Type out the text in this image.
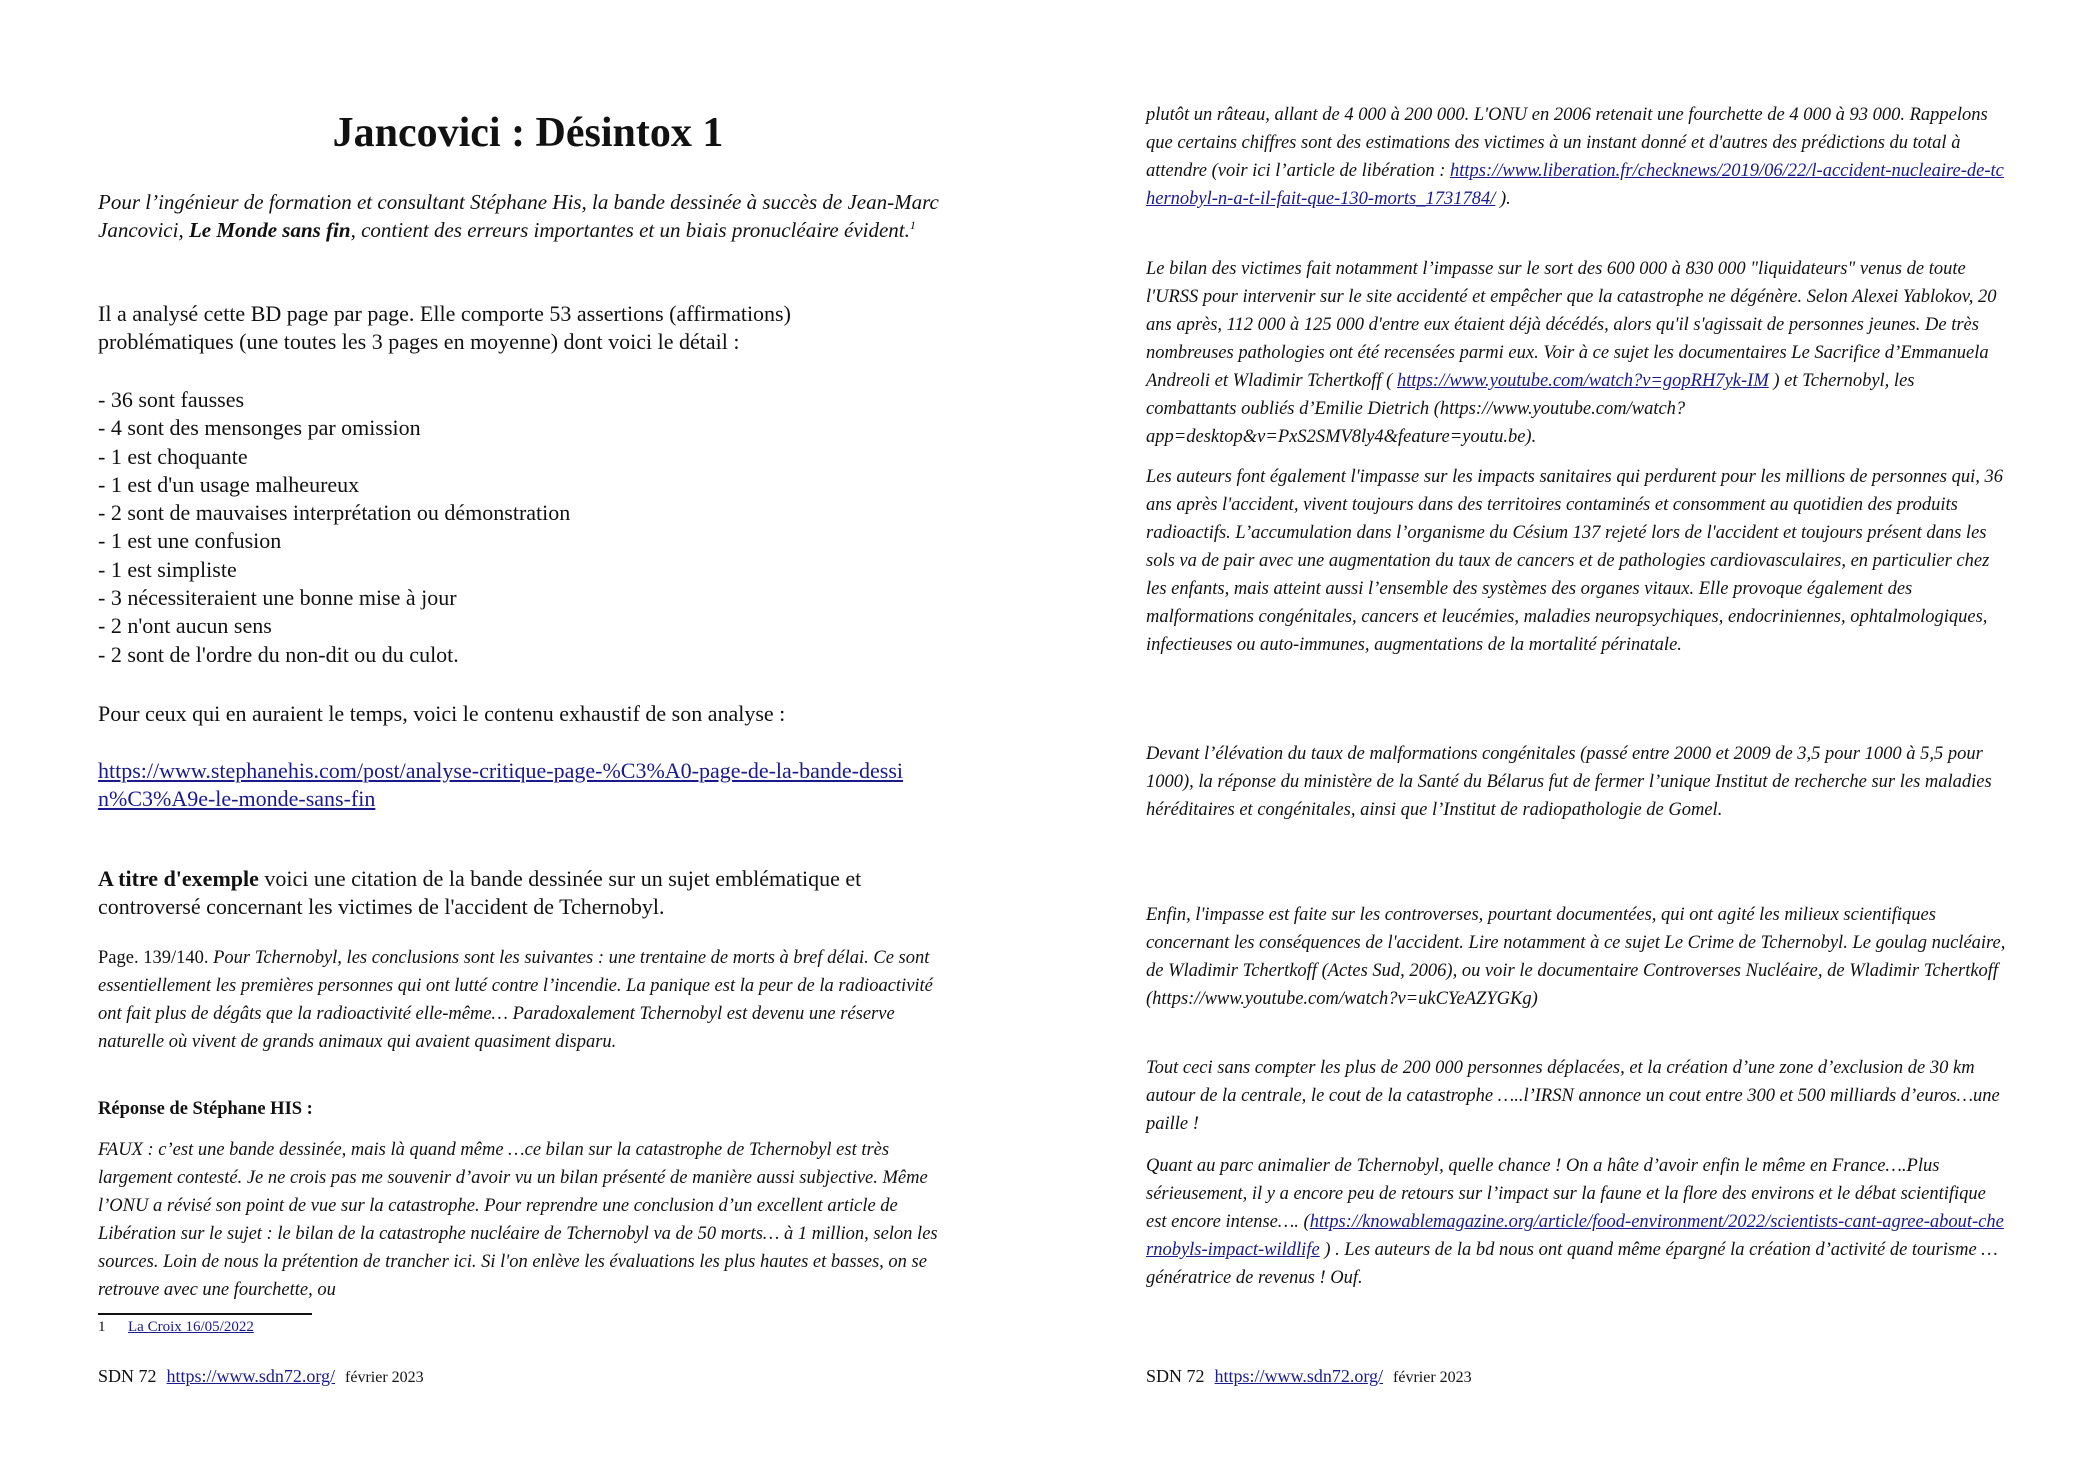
Jancovici : Désintox 1

Pour l’ingénieur de formation et consultant Stéphane His, la bande dessinée à succès de Jean-Marc Jancovici, Le Monde sans fin, contient des erreurs importantes et un biais pronucléaire évident.$^1$

Il a analysé cette BD page par page. Elle comporte 53 assertions (affirmations) problématiques (une toutes les 3 pages en moyenne) dont voici le détail :

- 36 sont fausses
- 4 sont des mensonges par omission
- 1 est choquante
- 1 est d'un usage malheureux
- 2 sont de mauvaises interprétation ou démonstration
- 1 est une confusion
- 1 est simpliste
- 3 nécessiteraient une bonne mise à jour
- 2 n'ont aucun sens
- 2 sont de l'ordre du non-dit ou du culot.

Pour ceux qui en auraient le temps, voici le contenu exhaustif de son analyse :

https://www.stephanehis.com/post/analyse-critique-page-%C3%A0-page-de-la-bande-dessin%C3%A9e-le-monde-sans-fin

A titre d'exemple voici une citation de la bande dessinée sur un sujet emblématique et controversé concernant les victimes de l'accident de Tchernobyl.

Page. 139/140. Pour Tchernobyl, les conclusions sont les suivantes : une trentaine de morts à bref délai. Ce sont essentiellement les premières personnes qui ont lutté contre l’incendie. La panique est la peur de la radioactivité ont fait plus de dégâts que la radioactivité elle-même… Paradoxalement Tchernobyl est devenu une réserve naturelle où vivent de grands animaux qui avaient quasiment disparu.

Réponse de Stéphane HIS :

FAUX : c’est une bande dessinée, mais là quand même …ce bilan sur la catastrophe de Tchernobyl est très largement contesté. Je ne crois pas me souvenir d’avoir vu un bilan présenté de manière aussi subjective. Même l’ONU a révisé son point de vue sur la catastrophe. Pour reprendre une conclusion d’un excellent article de Libération sur le sujet : le bilan de la catastrophe nucléaire de Tchernobyl va de 50 morts… à 1 million, selon les sources. Loin de nous la prétention de trancher ici. Si l'on enlève les évaluations les plus hautes et basses, on se retrouve avec une fourchette, ou

1 La Croix 16/05/2022
SDN 72 https://www.sdn72.org/ février 2023

plutôt un râteau, allant de 4 000 à 200 000. L'ONU en 2006 retenait une fourchette de 4 000 à 93 000. Rappelons que certains chiffres sont des estimations des victimes à un instant donné et d'autres des prédictions du total à attendre (voir ici l’article de libération : https://www.liberation.fr/checknews/2019/06/22/l-accident-nucleaire-de-tchernobyl-n-a-t-il-fait-que-130-morts_1731784/ ).

Le bilan des victimes fait notamment l’impasse sur le sort des 600 000 à 830 000 "liquidateurs" venus de toute l'URSS pour intervenir sur le site accidenté et empêcher que la catastrophe ne dégénère. Selon Alexei Yablokov, 20 ans après, 112 000 à 125 000 d'entre eux étaient déjà décédés, alors qu'il s'agissait de personnes jeunes. De très nombreuses pathologies ont été recensées parmi eux. Voir à ce sujet les documentaires Le Sacrifice d’Emmanuela Andreoli et Wladimir Tchertkoff ( https://www.youtube.com/watch?v=gopRH7yk-IM ) et Tchernobyl, les combattants oubliés d’Emilie Dietrich (https://www.youtube.com/watch?app=desktop&v=PxS2SMV8ly4&feature=youtu.be).

Les auteurs font également l'impasse sur les impacts sanitaires qui perdurent pour les millions de personnes qui, 36 ans après l'accident, vivent toujours dans des territoires contaminés et consomment au quotidien des produits radioactifs. L’accumulation dans l’organisme du Césium 137 rejeté lors de l'accident et toujours présent dans les sols va de pair avec une augmentation du taux de cancers et de pathologies cardiovasculaires, en particulier chez les enfants, mais atteint aussi l’ensemble des systèmes des organes vitaux. Elle provoque également des malformations congénitales, cancers et leucémies, maladies neuropsychiques, endocriniennes, ophtalmologiques, infectieuses ou auto-immunes, augmentations de la mortalité périnatale.

Devant l’élévation du taux de malformations congénitales (passé entre 2000 et 2009 de 3,5 pour 1000 à 5,5 pour 1000), la réponse du ministère de la Santé du Bélarus fut de fermer l’unique Institut de recherche sur les maladies héréditaires et congénitales, ainsi que l’Institut de radiopathologie de Gomel.

Enfin, l'impasse est faite sur les controverses, pourtant documentées, qui ont agité les milieux scientifiques concernant les conséquences de l'accident. Lire notamment à ce sujet Le Crime de Tchernobyl. Le goulag nucléaire, de Wladimir Tchertkoff (Actes Sud, 2006), ou voir le documentaire Controverses Nucléaire, de Wladimir Tchertkoff (https://www.youtube.com/watch?v=ukCYeAZYGKg)

Tout ceci sans compter les plus de 200 000 personnes déplacées, et la création d’une zone d’exclusion de 30 km autour de la centrale, le cout de la catastrophe …..l’IRSN annonce un cout entre 300 et 500 milliards d’euros…une paille !

Quant au parc animalier de Tchernobyl, quelle chance ! On a hâte d’avoir enfin le même en France….Plus sérieusement, il y a encore peu de retours sur l’impact sur la faune et la flore des environs et le débat scientifique est encore intense…. (https://knowablemagazine.org/article/food-environment/2022/scientists-cant-agree-about-chernobyls-impact-wildlife ) . Les auteurs de la bd nous ont quand même épargné la création d’activité de tourisme …génératrice de revenus ! Ouf.

SDN 72 https://www.sdn72.org/ février 2023
